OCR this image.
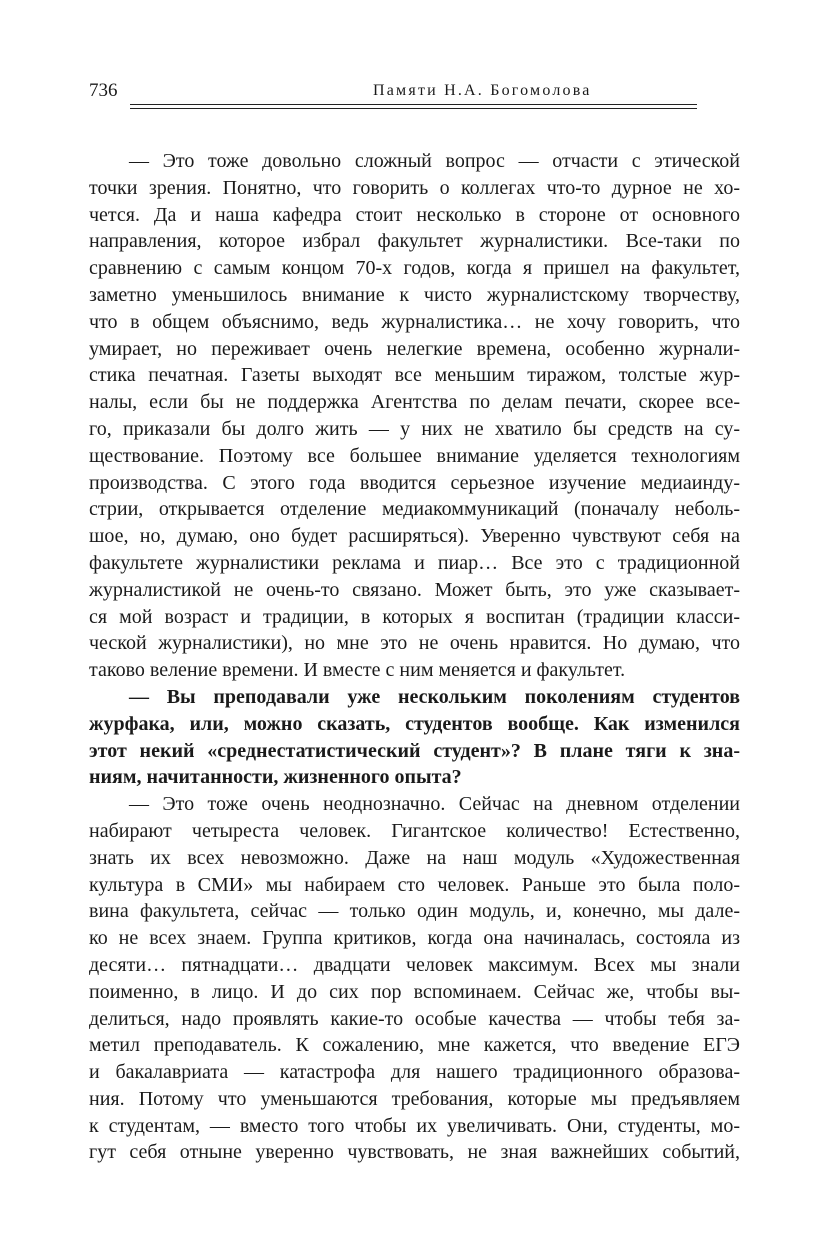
736	Памяти Н.А. Богомолова
— Это тоже довольно сложный вопрос — отчасти с этической
точки зрения. Понятно, что говорить о коллегах что-то дурное не хо-
чется. Да и наша кафедра стоит несколько в стороне от основного
направления, которое избрал факультет журналистики. Все-таки по
сравнению с самым концом 70-х годов, когда я пришел на факультет,
заметно уменьшилось внимание к чисто журналистскому творчеству,
что в общем объяснимо, ведь журналистика… не хочу говорить, что
умирает, но переживает очень нелегкие времена, особенно журнали-
стика печатная. Газеты выходят все меньшим тиражом, толстые жур-
налы, если бы не поддержка Агентства по делам печати, скорее все-
го, приказали бы долго жить — у них не хватило бы средств на су-
ществование. Поэтому все большее внимание уделяется технологиям
производства. С этого года вводится серьезное изучение медиаинду-
стрии, открывается отделение медиакоммуникаций (поначалу неболь-
шое, но, думаю, оно будет расширяться). Уверенно чувствуют себя на
факультете журналистики реклама и пиар… Все это с традиционной
журналистикой не очень-то связано. Может быть, это уже сказывает-
ся мой возраст и традиции, в которых я воспитан (традиции класси-
ческой журналистики), но мне это не очень нравится. Но думаю, что
таково веление времени. И вместе с ним меняется и факультет.
— Вы преподавали уже нескольким поколениям студентов
журфака, или, можно сказать, студентов вообще. Как изменился
этот некий «среднестатистический студент»? В плане тяги к зна-
ниям, начитанности, жизненного опыта?
— Это тоже очень неоднозначно. Сейчас на дневном отделении
набирают четыреста человек. Гигантское количество! Естественно,
знать их всех невозможно. Даже на наш модуль «Художественная
культура в СМИ» мы набираем сто человек. Раньше это была поло-
вина факультета, сейчас — только один модуль, и, конечно, мы дале-
ко не всех знаем. Группа критиков, когда она начиналась, состояла из
десяти… пятнадцати… двадцати человек максимум. Всех мы знали
поименно, в лицо. И до сих пор вспоминаем. Сейчас же, чтобы вы-
делиться, надо проявлять какие-то особые качества — чтобы тебя за-
метил преподаватель. К сожалению, мне кажется, что введение ЕГЭ
и бакалавриата — катастрофа для нашего традиционного образова-
ния. Потому что уменьшаются требования, которые мы предъявляем
к студентам, — вместо того чтобы их увеличивать. Они, студенты, мо-
гут себя отныне уверенно чувствовать, не зная важнейших событий,
